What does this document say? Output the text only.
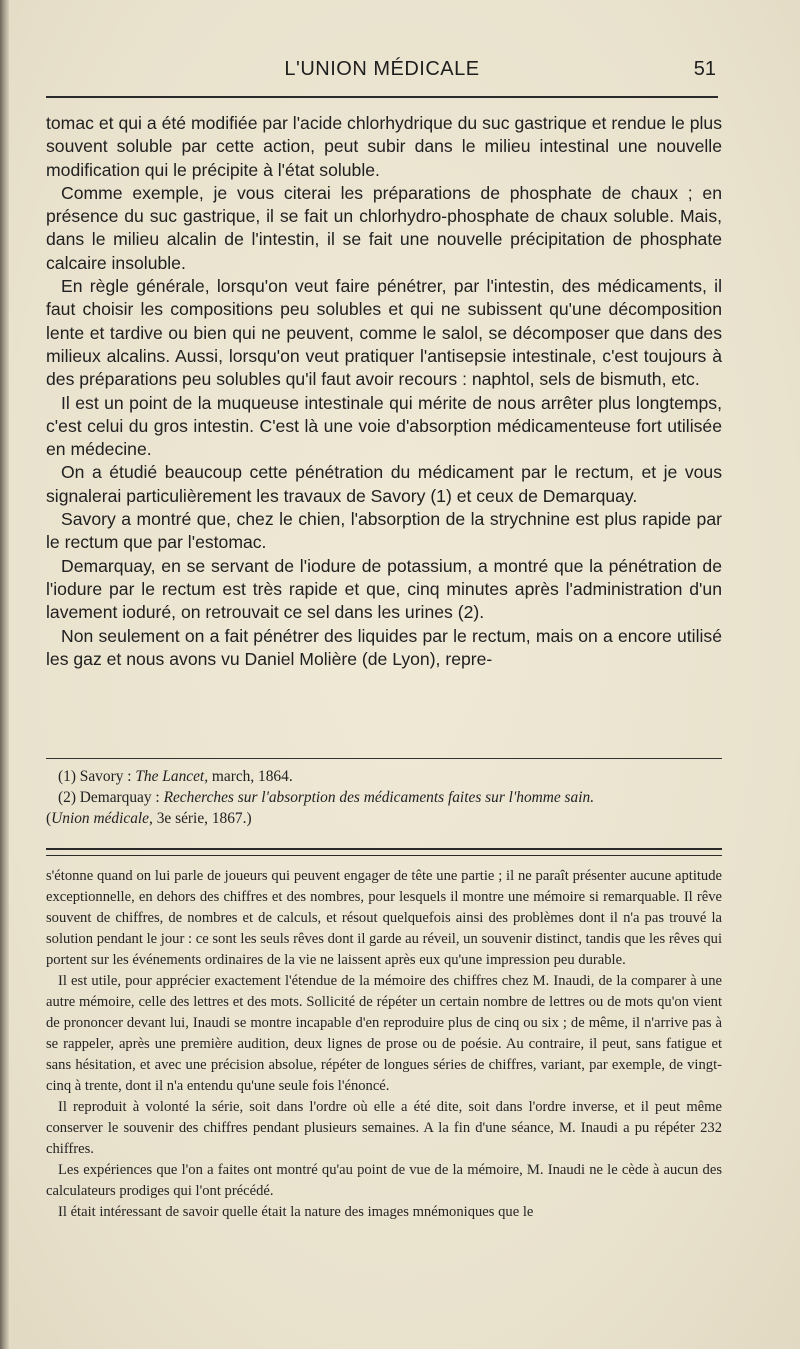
L'UNION MÉDICALE	51

tomac et qui a été modifiée par l'acide chlorhydrique du suc gastrique et rendue le plus souvent soluble par cette action, peut subir dans le milieu intestinal une nouvelle modification qui le précipite à l'état soluble.

Comme exemple, je vous citerai les préparations de phosphate de chaux ; en présence du suc gastrique, il se fait un chlorhydro-phosphate de chaux soluble. Mais, dans le milieu alcalin de l'intestin, il se fait une nouvelle précipitation de phosphate calcaire insoluble.

En règle générale, lorsqu'on veut faire pénétrer, par l'intestin, des médicaments, il faut choisir les compositions peu solubles et qui ne subissent qu'une décomposition lente et tardive ou bien qui ne peuvent, comme le salol, se décomposer que dans des milieux alcalins. Aussi, lorsqu'on veut pratiquer l'antisepsie intestinale, c'est toujours à des préparations peu solubles qu'il faut avoir recours : naphtol, sels de bismuth, etc.

Il est un point de la muqueuse intestinale qui mérite de nous arrêter plus longtemps, c'est celui du gros intestin. C'est là une voie d'absorption médicamenteuse fort utilisée en médecine.

On a étudié beaucoup cette pénétration du médicament par le rectum, et je vous signalerai particulièrement les travaux de Savory (1) et ceux de Demarquay.

Savory a montré que, chez le chien, l'absorption de la strychnine est plus rapide par le rectum que par l'estomac.

Demarquay, en se servant de l'iodure de potassium, a montré que la pénétration de l'iodure par le rectum est très rapide et que, cinq minutes après l'administration d'un lavement ioduré, on retrouvait ce sel dans les urines (2).

Non seulement on a fait pénétrer des liquides par le rectum, mais on a encore utilisé les gaz et nous avons vu Daniel Molière (de Lyon), repre-

(1) Savory : The Lancet, march, 1864.

(2) Demarquay : Recherches sur l'absorption des médicaments faites sur l'homme sain.

(Union médicale, 3e série, 1867.)

s'étonne quand on lui parle de joueurs qui peuvent engager de tête une partie ; il ne paraît présenter aucune aptitude exceptionnelle, en dehors des chiffres et des nombres, pour lesquels il montre une mémoire si remarquable. Il rêve souvent de chiffres, de nombres et de calculs, et résout quelquefois ainsi des problèmes dont il n'a pas trouvé la solution pendant le jour : ce sont les seuls rêves dont il garde au réveil, un souvenir distinct, tandis que les rêves qui portent sur les événements ordinaires de la vie ne laissent après eux qu'une impression peu durable.

Il est utile, pour apprécier exactement l'étendue de la mémoire des chiffres chez M. Inaudi, de la comparer à une autre mémoire, celle des lettres et des mots. Sollicité de répéter un certain nombre de lettres ou de mots qu'on vient de prononcer devant lui, Inaudi se montre incapable d'en reproduire plus de cinq ou six ; de même, il n'arrive pas à se rappeler, après une première audition, deux lignes de prose ou de poésie. Au contraire, il peut, sans fatigue et sans hésitation, et avec une précision absolue, répéter de longues séries de chiffres, variant, par exemple, de vingt-cinq à trente, dont il n'a entendu qu'une seule fois l'énoncé.

Il reproduit à volonté la série, soit dans l'ordre où elle a été dite, soit dans l'ordre inverse, et il peut même conserver le souvenir des chiffres pendant plusieurs semaines. A la fin d'une séance, M. Inaudi a pu répéter 232 chiffres.

Les expériences que l'on a faites ont montré qu'au point de vue de la mémoire, M. Inaudi ne le cède à aucun des calculateurs prodiges qui l'ont précédé.

Il était intéressant de savoir quelle était la nature des images mnémoniques que le
